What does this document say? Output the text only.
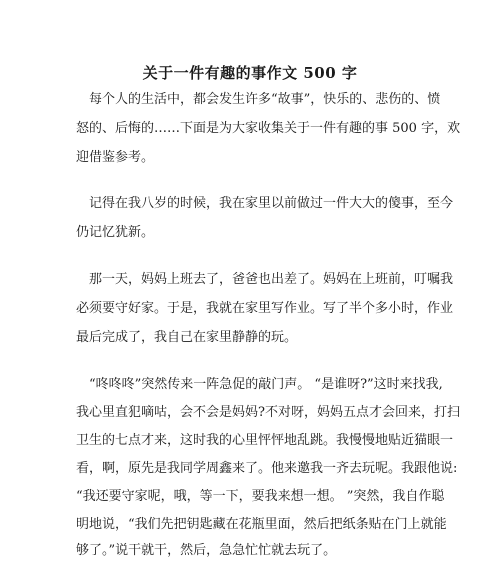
关于一件有趣的事作文 500 字
每个人的生活中，都会发生许多“故事”，快乐的、悲伤的、愤
怒的、后悔的……下面是为大家收集关于一件有趣的事 500 字，欢
迎借鉴参考。
记得在我八岁的时候，我在家里以前做过一件大大的傻事，至今
仍记忆犹新。
那一天，妈妈上班去了，爸爸也出差了。妈妈在上班前，叮嘱我
必须要守好家。于是，我就在家里写作业。写了半个多小时，作业
最后完成了，我自己在家里静静的玩。
“咚咚咚”突然传来一阵急促的敲门声。 “是谁呀?”这时来找我,
我心里直犯嘀咕，会不会是妈妈?不对呀，妈妈五点才会回来，打扫
卫生的七点才来，这时我的心里怦怦地乱跳。我慢慢地贴近猫眼一
看，啊，原先是我同学周鑫来了。他来邀我一齐去玩呢。我跟他说:
“我还要守家呢，哦，等一下，要我来想一想。 ”突然，我自作聪
明地说，“我们先把钥匙藏在花瓶里面，然后把纸条贴在门上就能
够了。”说干就干，然后，急急忙忙就去玩了。
